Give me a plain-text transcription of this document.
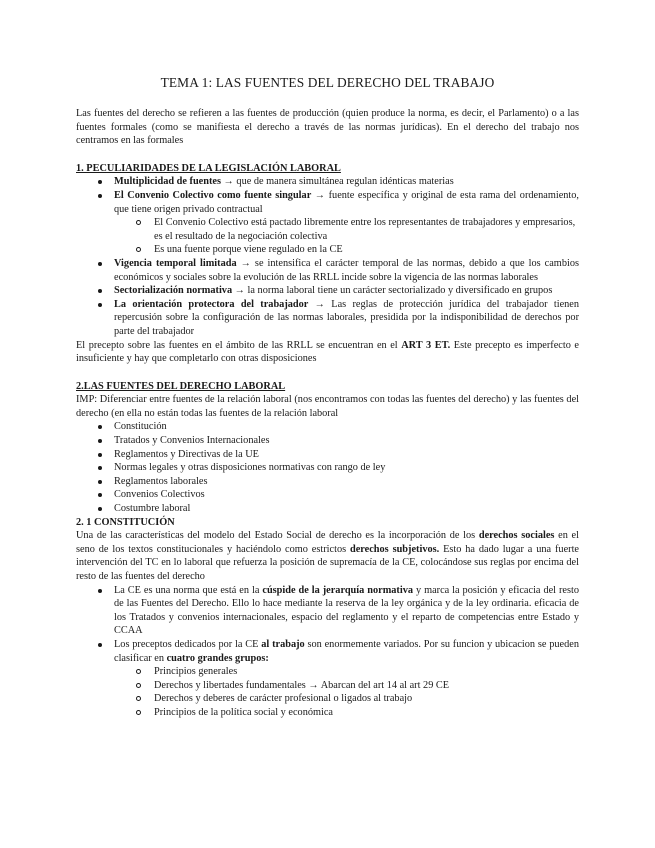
TEMA 1: LAS FUENTES DEL DERECHO DEL TRABAJO

Las fuentes del derecho se refieren a las fuentes de producción (quien produce la norma, es decir, el Parlamento) o a las fuentes formales (como se manifiesta el derecho a través de las normas jurídicas). En el derecho del trabajo nos centramos en las formales

1. PECULIARIDADES DE LA LEGISLACIÓN LABORAL

Multiplicidad de fuentes → que de manera simultánea regulan idénticas materias
El Convenio Colectivo como fuente singular → fuente específica y original de esta rama del ordenamiento, que tiene origen privado contractual
El Convenio Colectivo está pactado libremente entre los representantes de trabajadores y empresarios, es el resultado de la negociación colectiva
Es una fuente porque viene regulado en la CE
Vigencia temporal limitada → se intensifica el carácter temporal de las normas, debido a que los cambios económicos y sociales sobre la evolución de las RRLL incide sobre la vigencia de las normas laborales
Sectorialización normativa → la norma laboral tiene un carácter sectorializado y diversificado en grupos
La orientación protectora del trabajador → Las reglas de protección jurídica del trabajador tienen repercusión sobre la configuración de las normas laborales, presidida por la indisponibilidad de derechos por parte del trabajador

El precepto sobre las fuentes en el ámbito de las RRLL se encuentran en el ART 3 ET. Este precepto es imperfecto e insuficiente y hay que completarlo con otras disposiciones

2.LAS FUENTES DEL DERECHO LABORAL

IMP: Diferenciar entre fuentes de la relación laboral (nos encontramos con todas las fuentes del derecho) y las fuentes del derecho (en ella no están todas las fuentes de la relación laboral

Constitución
Tratados y Convenios Internacionales
Reglamentos y Directivas de la UE
Normas legales y otras disposiciones normativas con rango de ley
Reglamentos laborales
Convenios Colectivos
Costumbre laboral

2. 1 CONSTITUCIÓN

Una de las características del modelo del Estado Social de derecho es la incorporación de los derechos sociales en el seno de los textos constitucionales y haciéndolo como estrictos derechos subjetivos. Esto ha dado lugar a una fuerte intervención del TC en lo laboral que refuerza la posición de supremacía de la CE, colocándose sus reglas por encima del resto de las fuentes del derecho

La CE es una norma que está en la cúspide de la jerarquía normativa y marca la posición y eficacia del resto de las Fuentes del Derecho. Ello lo hace mediante la reserva de la ley orgánica y de la ley ordinaria. eficacia de los Tratados y convenios internacionales, espacio del reglamento y el reparto de competencias entre Estado y CCAA
Los preceptos dedicados por la CE al trabajo son enormemente variados. Por su funcion y ubicacion se pueden clasificar en cuatro grandes grupos:
Principios generales
Derechos y libertades fundamentales → Abarcan del art 14 al art 29 CE
Derechos y deberes de carácter profesional o ligados al trabajo
Principios de la política social y económica
